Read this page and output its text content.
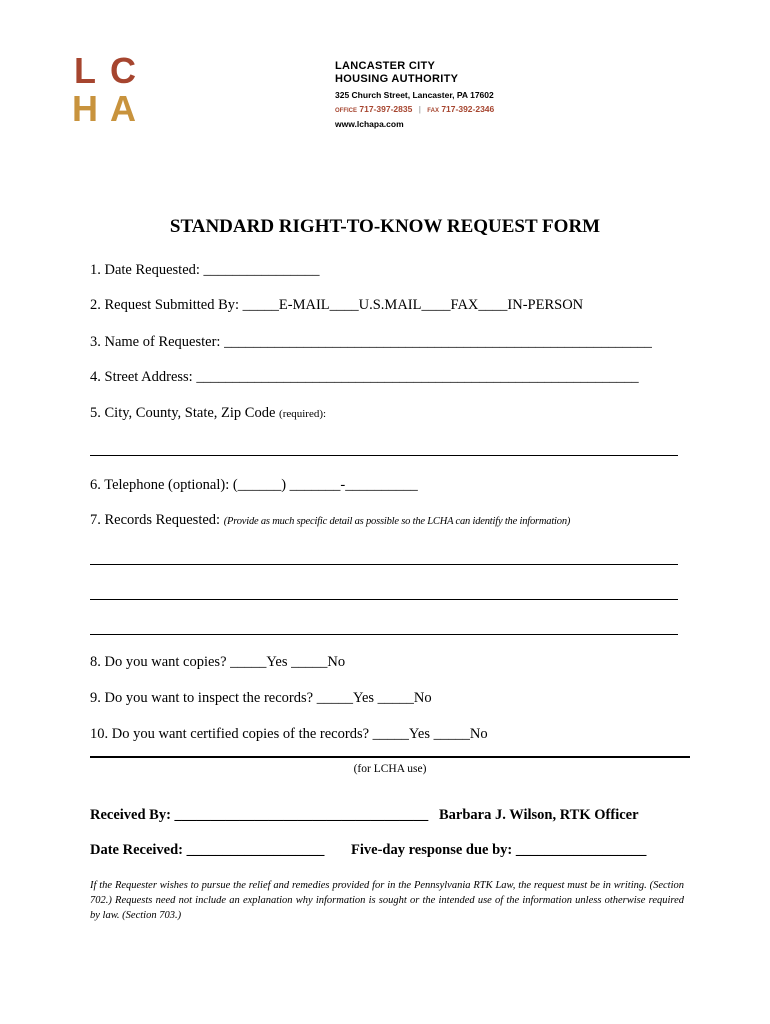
L C
H A
LANCASTER CITY
HOUSING AUTHORITY
325 Church Street, Lancaster, PA 17602
OFFICE 717-397-2835 | FAX 717-392-2346
www.lchapa.com
STANDARD RIGHT-TO-KNOW REQUEST FORM
1. Date Requested: ________________
2. Request Submitted By: _____E-MAIL____U.S.MAIL____FAX____IN-PERSON
3. Name of Requester: ___________________________________________________________
4. Street Address: _____________________________________________________________
5. City, County, State, Zip Code (required):
6. Telephone (optional): (______) _______-__________
7. Records Requested: (Provide as much specific detail as possible so the LCHA can identify the information)
8. Do you want copies? _____Yes _____No
9. Do you want to inspect the records? _____Yes _____No
10. Do you want certified copies of the records? _____Yes _____No
(for LCHA use)
Received By: ___________________________________ Barbara J. Wilson, RTK Officer
Date Received: ___________________ Five-day response due by: __________________
If the Requester wishes to pursue the relief and remedies provided for in the Pennsylvania RTK Law, the request must be in writing. (Section 702.) Requests need not include an explanation why information is sought or the intended use of the information unless otherwise required by law. (Section 703.)
